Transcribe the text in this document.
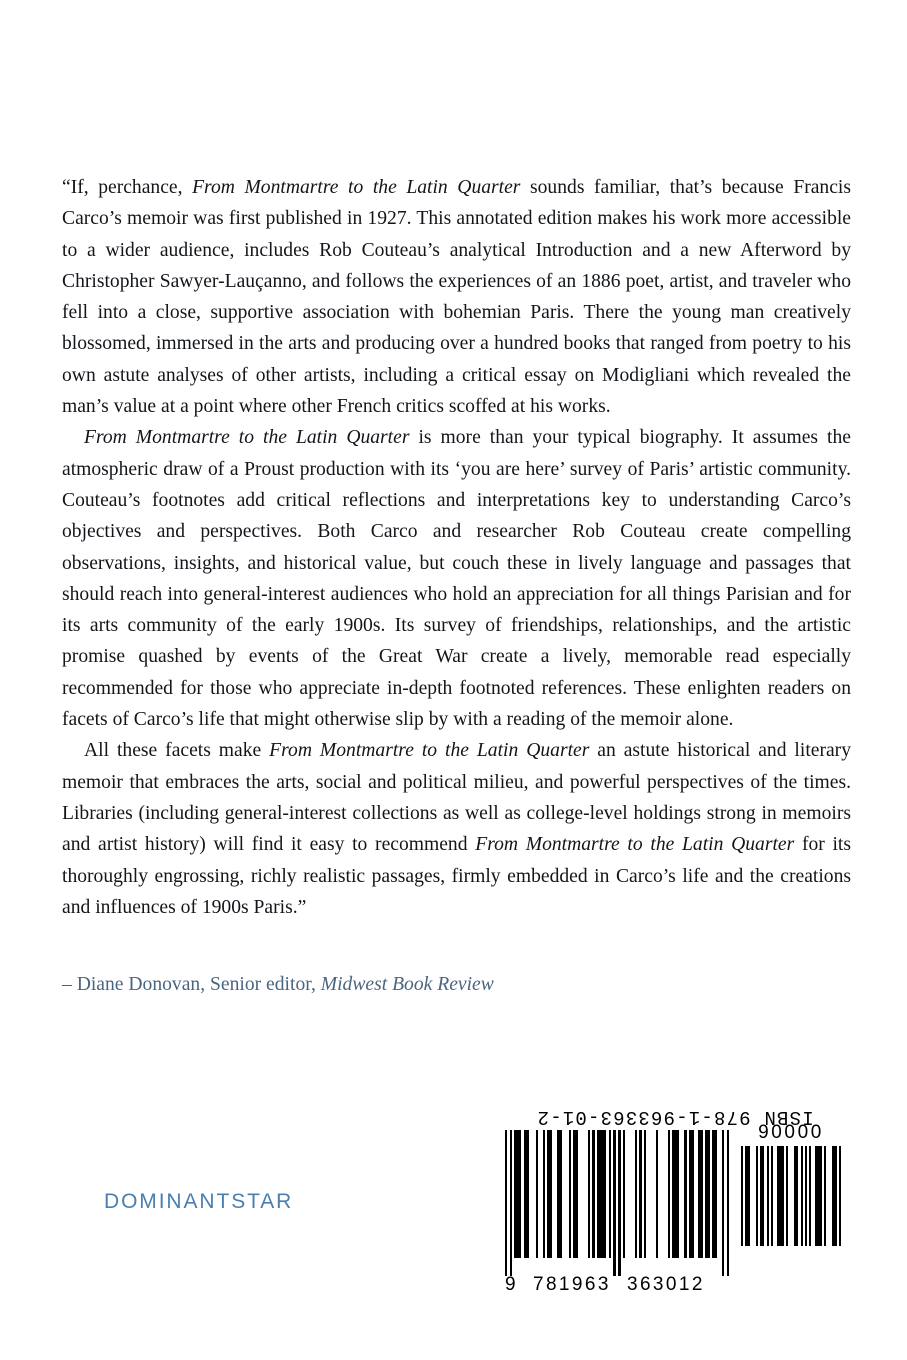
“If, perchance, From Montmartre to the Latin Quarter sounds familiar, that’s because Francis Carco’s memoir was first published in 1927. This annotated edition makes his work more accessible to a wider audience, includes Rob Couteau’s analytical Introduction and a new Afterword by Christopher Sawyer-Lauçanno, and follows the experiences of an 1886 poet, artist, and traveler who fell into a close, supportive association with bohemian Paris. There the young man creatively blossomed, immersed in the arts and producing over a hundred books that ranged from poetry to his own astute analyses of other artists, including a critical essay on Modigliani which revealed the man’s value at a point where other French critics scoffed at his works.

From Montmartre to the Latin Quarter is more than your typical biography. It assumes the atmospheric draw of a Proust production with its ‘you are here’ survey of Paris’ artistic community. Couteau’s footnotes add critical reflections and interpretations key to understanding Carco’s objectives and perspectives. Both Carco and researcher Rob Couteau create compelling observations, insights, and historical value, but couch these in lively language and passages that should reach into general-interest audiences who hold an appreciation for all things Parisian and for its arts community of the early 1900s. Its survey of friendships, relationships, and the artistic promise quashed by events of the Great War create a lively, memorable read especially recommended for those who appreciate in-depth footnoted references. These enlighten readers on facets of Carco’s life that might otherwise slip by with a reading of the memoir alone.

All these facets make From Montmartre to the Latin Quarter an astute historical and literary memoir that embraces the arts, social and political milieu, and powerful perspectives of the times. Libraries (including general-interest collections as well as college-level holdings strong in memoirs and artist history) will find it easy to recommend From Montmartre to the Latin Quarter for its thoroughly engrossing, richly realistic passages, firmly embedded in Carco’s life and the creations and influences of 1900s Paris.”

– Diane Donovan, Senior editor, Midwest Book Review
DOMINANTSTAR
ISBN 978-1-963363-01-2
9 781963 363012
90000
